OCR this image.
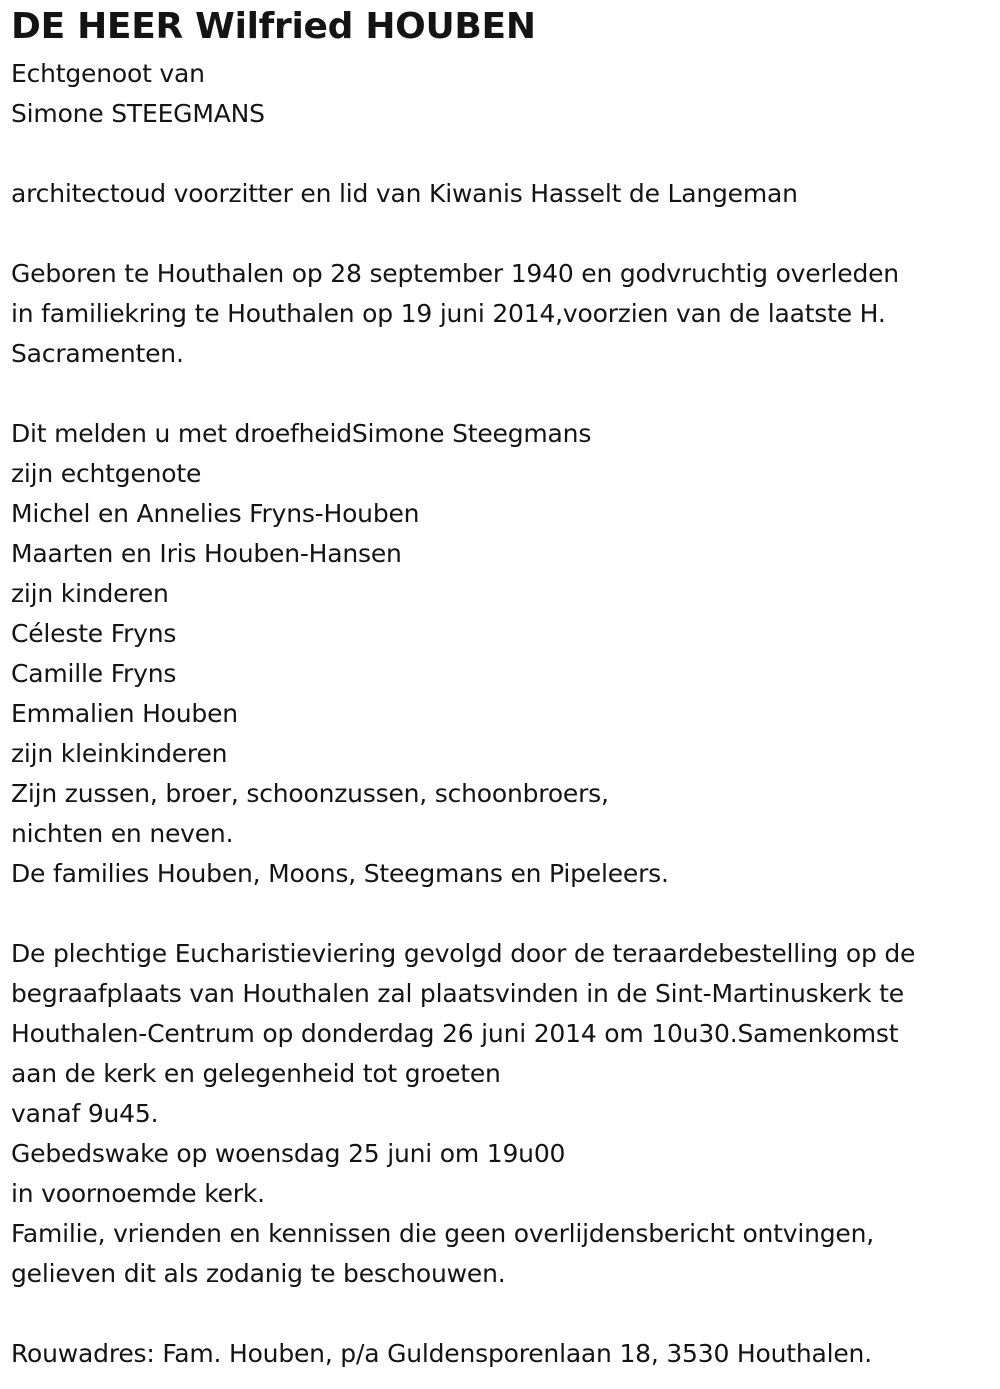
DE HEER Wilfried HOUBEN
Echtgenoot van
Simone STEEGMANS
architectoud voorzitter en lid van Kiwanis Hasselt de Langeman
Geboren te Houthalen op 28 september 1940 en godvruchtig overleden
in familiekring te Houthalen op 19 juni 2014,voorzien van de laatste H.
Sacramenten.
Dit melden u met droefheidSimone Steegmans
zijn echtgenote
Michel en Annelies Fryns-Houben
Maarten en Iris Houben-Hansen
zijn kinderen
Céleste Fryns
Camille Fryns
Emmalien Houben
zijn kleinkinderen
Zijn zussen, broer, schoonzussen, schoonbroers,
nichten en neven.
De families Houben, Moons, Steegmans en Pipeleers.
De plechtige Eucharistieviering gevolgd door de teraardebestelling op de
begraafplaats van Houthalen zal plaatsvinden in de Sint-Martinuskerk te
Houthalen-Centrum op donderdag 26 juni 2014 om 10u30.Samenkomst
aan de kerk en gelegenheid tot groeten
vanaf 9u45.
Gebedswake op woensdag 25 juni om 19u00
in voornoemde kerk.
Familie, vrienden en kennissen die geen overlijdensbericht ontvingen,
gelieven dit als zodanig te beschouwen.
Rouwadres: Fam. Houben, p/a Guldensporenlaan 18, 3530 Houthalen.
